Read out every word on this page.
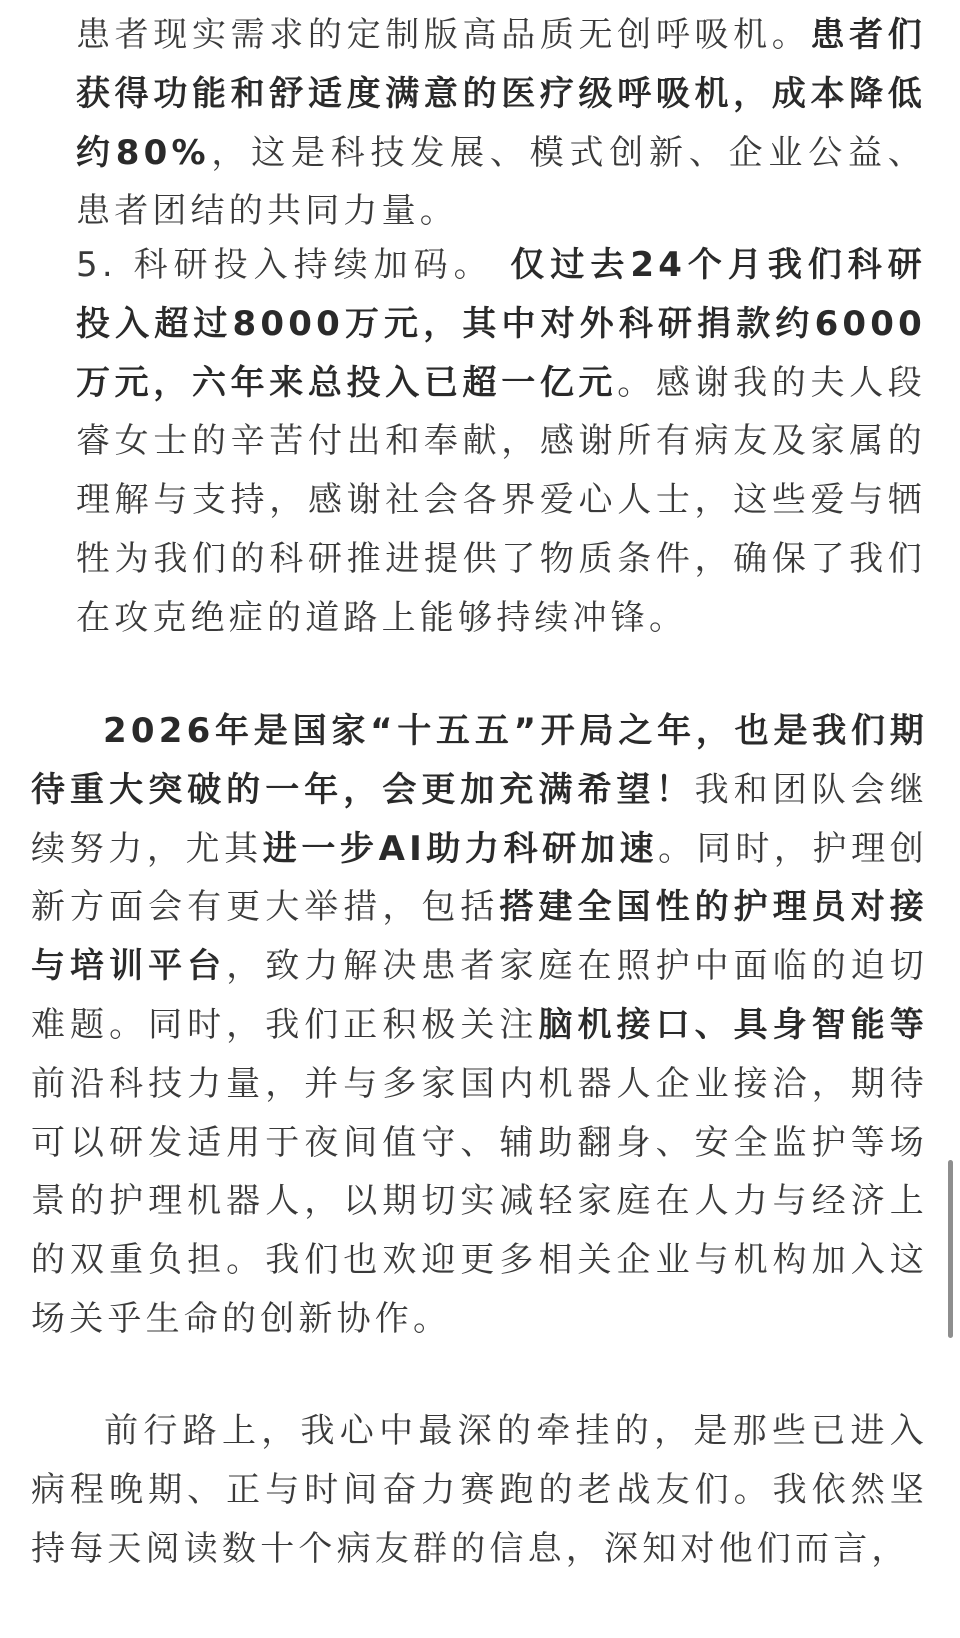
患者现实需求的定制版高品质无创呼吸机。患者们获得功能和舒适度满意的医疗级呼吸机，成本降低约80%，这是科技发展、模式创新、企业公益、患者团结的共同力量。

5. 科研投入持续加码。 仅过去24个月我们科研投入超过8000万元，其中对外科研捐款约6000万元，六年来总投入已超一亿元。感谢我的夫人段睿女士的辛苦付出和奉献，感谢所有病友及家属的理解与支持，感谢社会各界爱心人士，这些爱与牺牲为我们的科研推进提供了物质条件，确保了我们在攻克绝症的道路上能够持续冲锋。

2026年是国家“十五五”开局之年，也是我们期待重大突破的一年，会更加充满希望！我和团队会继续努力，尤其进一步AI助力科研加速。同时，护理创新方面会有更大举措，包括搭建全国性的护理员对接与培训平台，致力解决患者家庭在照护中面临的迫切难题。同时，我们正积极关注脑机接口、具身智能等前沿科技力量，并与多家国内机器人企业接洽，期待可以研发适用于夜间值守、辅助翻身、安全监护等场景的护理机器人，以期切实减轻家庭在人力与经济上的双重负担。我们也欢迎更多相关企业与机构加入这场关乎生命的创新协作。

前行路上，我心中最深的牵挂的，是那些已进入病程晚期、正与时间奋力赛跑的老战友们。我依然坚持每天阅读数十个病友群的信息，深知对他们而言，
